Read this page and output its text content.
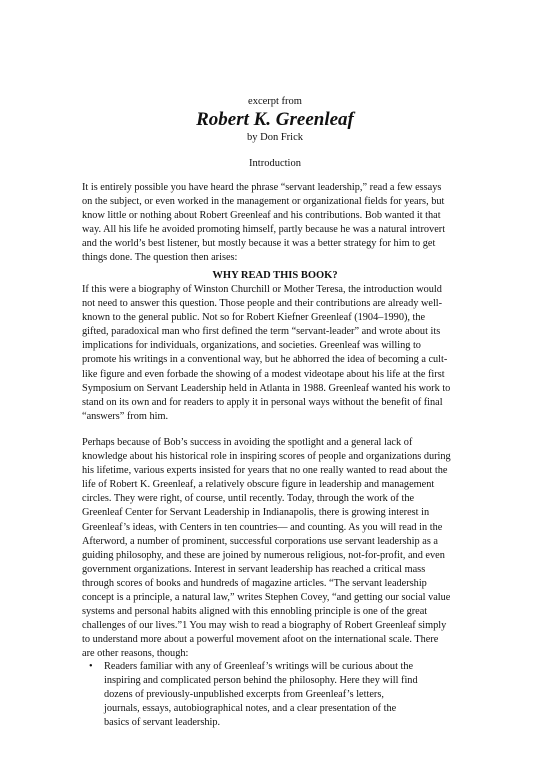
excerpt from

Robert K. Greenleaf

by Don Frick

Introduction

It is entirely possible you have heard the phrase “servant leadership,” read a few essays
on the subject, or even worked in the management or organizational fields for years, but
know little or nothing about Robert Greenleaf and his contributions. Bob wanted it that
way. All his life he avoided promoting himself, partly because he was a natural introvert
and the world’s best listener, but mostly because it was a better strategy for him to get
things done. The question then arises:

WHY READ THIS BOOK?

If this were a biography of Winston Churchill or Mother Teresa, the introduction would
not need to answer this question. Those people and their contributions are already well-
known to the general public. Not so for Robert Kiefner Greenleaf (1904–1990), the
gifted, paradoxical man who first defined the term “servant-leader” and wrote about its
implications for individuals, organizations, and societies. Greenleaf was willing to
promote his writings in a conventional way, but he abhorred the idea of becoming a cult-
like figure and even forbade the showing of a modest videotape about his life at the first
Symposium on Servant Leadership held in Atlanta in 1988. Greenleaf wanted his work to
stand on its own and for readers to apply it in personal ways without the benefit of final
“answers” from him.

Perhaps because of Bob’s success in avoiding the spotlight and a general lack of
knowledge about his historical role in inspiring scores of people and organizations during
his lifetime, various experts insisted for years that no one really wanted to read about the
life of Robert K. Greenleaf, a relatively obscure figure in leadership and management
circles. They were right, of course, until recently. Today, through the work of the
Greenleaf Center for Servant Leadership in Indianapolis, there is growing interest in
Greenleaf’s ideas, with Centers in ten countries— and counting. As you will read in the
Afterword, a number of prominent, successful corporations use servant leadership as a
guiding philosophy, and these are joined by numerous religious, not-for-profit, and even
government organizations. Interest in servant leadership has reached a critical mass
through scores of books and hundreds of magazine articles. “The servant leadership
concept is a principle, a natural law,” writes Stephen Covey, “and getting our social value
systems and personal habits aligned with this ennobling principle is one of the great
challenges of our lives.”1 You may wish to read a biography of Robert Greenleaf simply
to understand more about a powerful movement afoot on the international scale. There
are other reasons, though:

• Readers familiar with any of Greenleaf’s writings will be curious about the
inspiring and complicated person behind the philosophy. Here they will find
dozens of previously-unpublished excerpts from Greenleaf’s letters,
journals, essays, autobiographical notes, and a clear presentation of the
basics of servant leadership.
